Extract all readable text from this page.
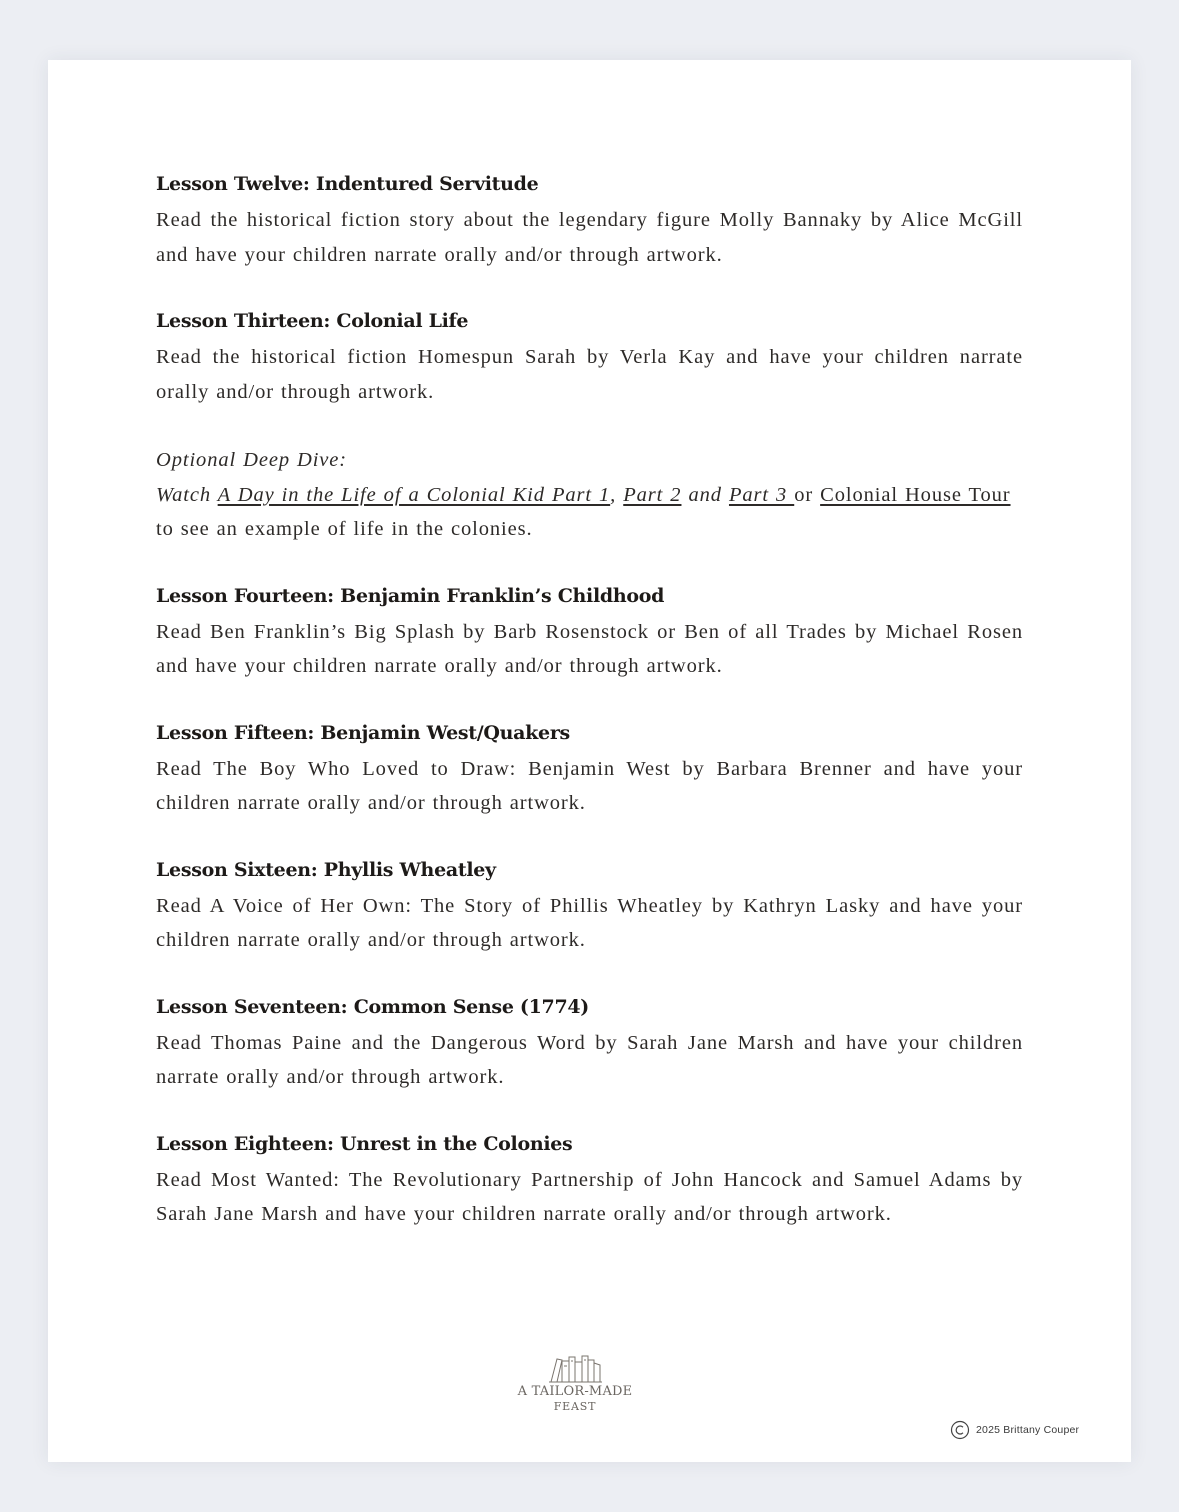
Lesson Twelve: Indentured Servitude

Read the historical fiction story about the legendary figure Molly Bannaky by Alice McGill and have your children narrate orally and/or through artwork.

Lesson Thirteen: Colonial Life

Read the historical fiction Homespun Sarah by Verla Kay and have your children narrate orally and/or through artwork.

Optional Deep Dive:
Watch A Day in the Life of a Colonial Kid Part 1, Part 2 and Part 3 or Colonial House Tour to see an example of life in the colonies.
Lesson Fourteen: Benjamin Franklin’s Childhood

Read Ben Franklin’s Big Splash by Barb Rosenstock or Ben of all Trades by Michael Rosen and have your children narrate orally and/or through artwork.

Lesson Fifteen: Benjamin West/Quakers

Read The Boy Who Loved to Draw: Benjamin West by Barbara Brenner and have your children narrate orally and/or through artwork.

Lesson Sixteen: Phyllis Wheatley

Read A Voice of Her Own: The Story of Phillis Wheatley by Kathryn Lasky and have your children narrate orally and/or through artwork.

Lesson Seventeen: Common Sense (1774)

Read Thomas Paine and the Dangerous Word by Sarah Jane Marsh and have your children narrate orally and/or through artwork.

Lesson Eighteen: Unrest in the Colonies

Read Most Wanted: The Revolutionary Partnership of John Hancock and Samuel Adams by Sarah Jane Marsh and have your children narrate orally and/or through artwork.

A TAILOR-MADE
FEAST
2025 Brittany Couper
